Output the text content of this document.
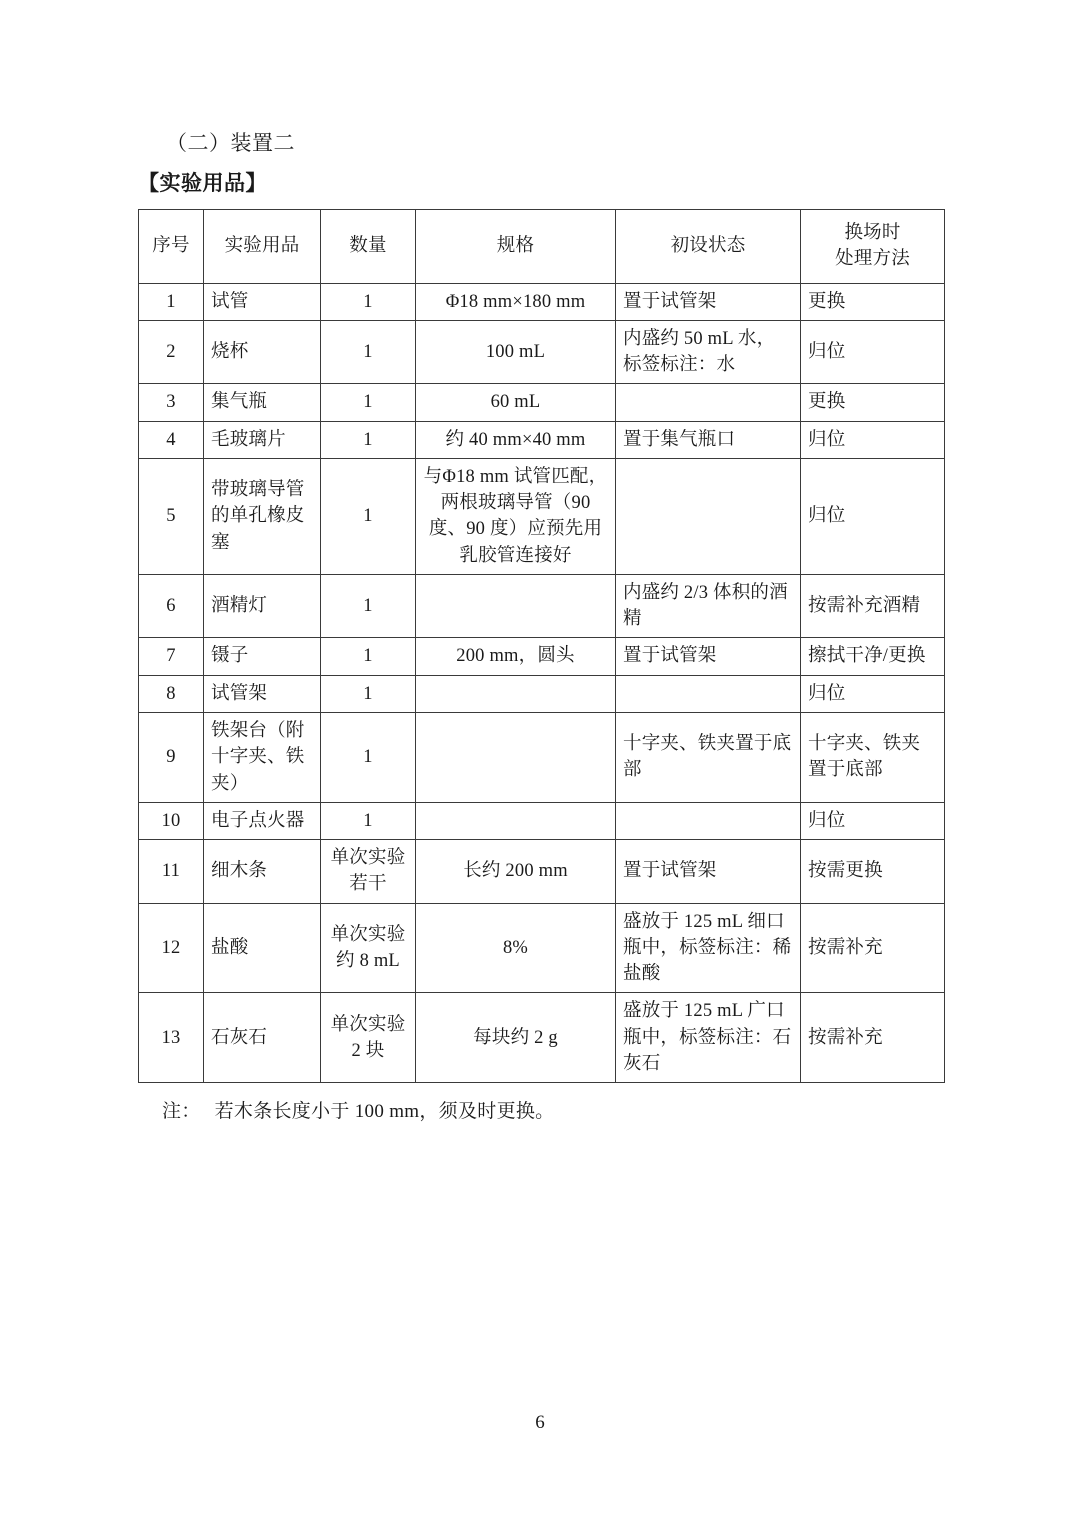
（二）装置二
【实验用品】
序号	实验用品	数量	规格	初设状态	换场时
处理方法

1	试管	1	Φ18 mm×180 mm	置于试管架	更换
2	烧杯	1	100 mL	内盛约 50 mL 水，标签标注：水	归位
3	集气瓶	1	60 mL		更换
4	毛玻璃片	1	约 40 mm×40 mm	置于集气瓶口	归位
5	带玻璃导管的单孔橡皮塞	1	与Φ18 mm 试管匹配，两根玻璃导管（90 度、90 度）应预先用乳胶管连接好		归位
6	酒精灯	1		内盛约 2/3 体积的酒精	按需补充酒精
7	镊子	1	200 mm，圆头	置于试管架	擦拭干净/更换
8	试管架	1			归位
9	铁架台（附十字夹、铁夹）	1		十字夹、铁夹置于底部	十字夹、铁夹置于底部
10	电子点火器	1			归位
11	细木条	单次实验若干	长约 200 mm	置于试管架	按需更换
12	盐酸	单次实验约 8 mL	8%	盛放于 125 mL 细口瓶中，标签标注：稀盐酸	按需补充
13	石灰石	单次实验2 块	每块约 2 g	盛放于 125 mL 广口瓶中，标签标注：石灰石	按需补充
注： 若木条长度小于 100 mm，须及时更换。
6
